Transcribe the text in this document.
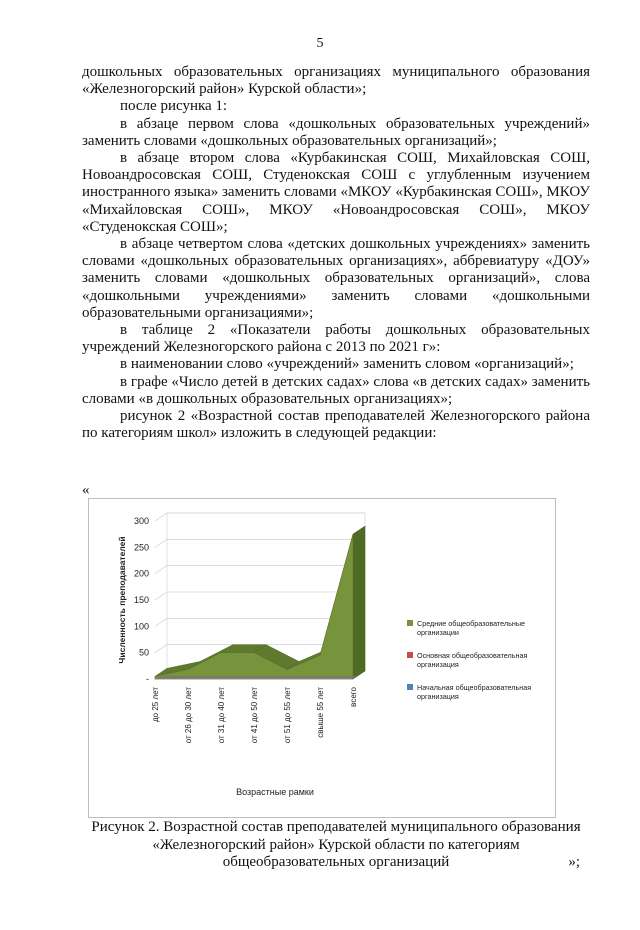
5

дошкольных образовательных организациях муниципального образования «Железногорский район» Курской области»;

после рисунка 1:

в абзаце первом слова «дошкольных образовательных учреждений» заменить словами «дошкольных образовательных организаций»;

в абзаце втором слова «Курбакинская СОШ, Михайловская СОШ, Новоандросовская СОШ, Студенокская СОШ с углубленным изучением иностранного языка» заменить словами «МКОУ «Курбакинская СОШ», МКОУ «Михайловская СОШ», МКОУ «Новоандросовская СОШ», МКОУ «Студенокская СОШ»;

в абзаце четвертом слова «детских дошкольных учреждениях» заменить словами «дошкольных образовательных организациях», аббревиатуру «ДОУ» заменить словами «дошкольных образовательных организаций», слова «дошкольными учреждениями» заменить словами «дошкольными образовательными организациями»;

в таблице 2 «Показатели работы дошкольных образовательных учреждений Железногорского района с 2013 по 2021 г»:

в наименовании слово «учреждений» заменить словом «организаций»;

в графе «Число детей в детских садах» слова «в детских садах» заменить словами «в дошкольных образовательных организациях»;

рисунок 2 «Возрастной состав преподавателей Железногорского района по категориям школ» изложить в следующей редакции:

«
-
50
100
150
200
250
300
до 25 лет	от 26 до 30 лет	от 31 до 40 лет	от 41 до 50 лет	от 51 до 55 лет	свыше 55 лет	всего
Возрастные рамки
Численность преподавателей	Средние общеобразовательные организации
Основная общеобразовательная организация
Начальная общеобразовательная организация
Рисунок 2. Возрастной состав преподавателей муниципального образования «Железногорский район» Курской области по категориям
общеобразовательных организаций	»;
